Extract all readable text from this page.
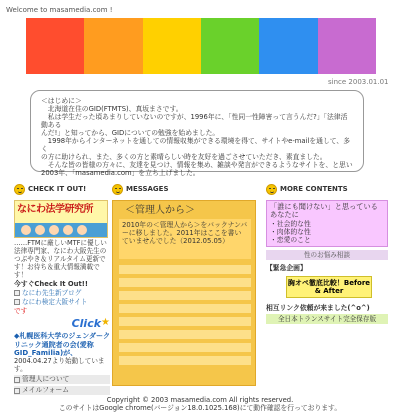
Welcome to masamedia.com !
since 2003.01.01

＜はじめに＞

　北海道在住のGID(FTMTS)、真坂まさです。

　私は学生だった頃あまりしていないのですが、1996年に、「性同一性障害って言うんだ?」「法律活動ある

んだ!」と知ってから、GIDについての勉強を始めました。

　1998年からインターネットを通しての情報収集ができる環境を得て、サイトやe-mailを通して、多く

の方に助けられ、また、多くの方と素晴らしい時を友好を過ごさせていただき、素直ました。

　そんな皆の皆様の方々に、友達を見つけ、情報を集め、雑談や発言ができるようなサイトを、と思い

2003年、「masamedia.com」を立ち上げました。

CHECK IT OUT!
なにわ法学研究所
……FTMに厳しいMTFに優しい法律専門家、なにわ大阪先生のつぶやき＆リアルタイム更新です！お待ち＆重大情報満載です！
今すぐCheck It Out!!
なにわ先生新ブログ
なにわ検定大阪サイト
です
Click ★
◆札幌医科大学のジェンダークリニック通院者の会(愛称GID_Familia)が、
2004.04.27より始動しています。
管理人について
メイルフォーム
MESSAGES
＜管理人から＞
2010年の＜管理人から＞をバックナンバーに移しました。2011年はここを書いていませんでした（2012.05.05）
MORE CONTENTS
「誰にも聞けない」と思っているあなたに
・社会的な性
・肉体的な性
・恋愛のこと
性のお悩み相談
【緊急企画】
胸オペ徹底比較！Before & After
相互リンク依頼が来ました(^o^)
全日本トランスサイト完全保存版
Copyright © 2003 masamedia.com All rights reserved.
このサイトはGoogle chrome(バージョン18.0.1025.168)にて動作確認を行っております。
